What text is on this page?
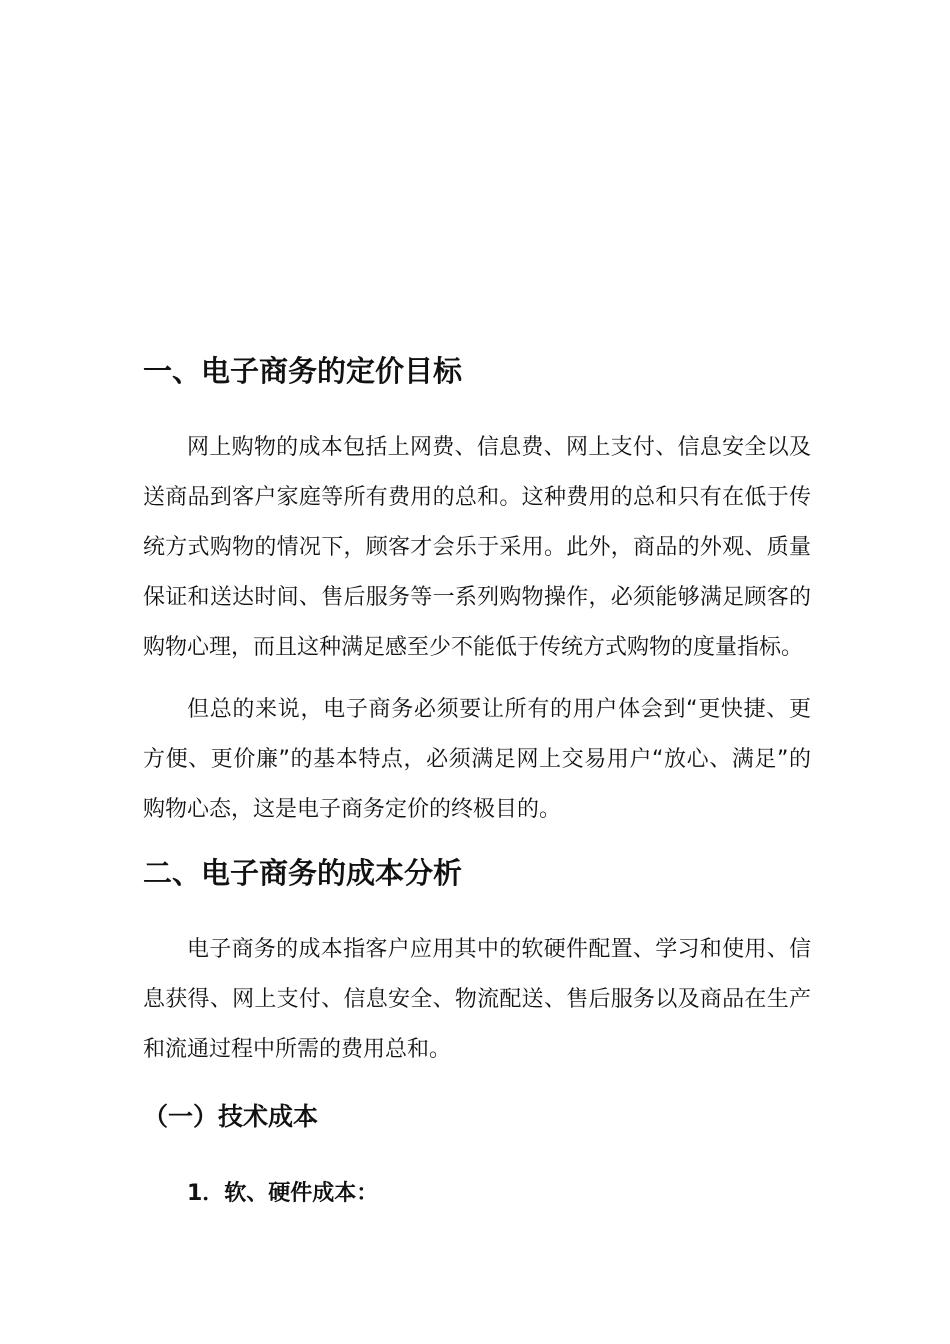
一、电子商务的定价目标

网上购物的成本包括上网费、信息费、网上支付、信息安全以及送商品到客户家庭等所有费用的总和。这种费用的总和只有在低于传统方式购物的情况下，顾客才会乐于采用。此外，商品的外观、质量保证和送达时间、售后服务等一系列购物操作，必须能够满足顾客的购物心理，而且这种满足感至少不能低于传统方式购物的度量指标。

但总的来说，电子商务必须要让所有的用户体会到“更快捷、更方便、更价廉”的基本特点，必须满足网上交易用户“放心、满足”的购物心态，这是电子商务定价的终极目的。

二、电子商务的成本分析

电子商务的成本指客户应用其中的软硬件配置、学习和使用、信息获得、网上支付、信息安全、物流配送、售后服务以及商品在生产和流通过程中所需的费用总和。

（一）技术成本
1．软、硬件成本：
